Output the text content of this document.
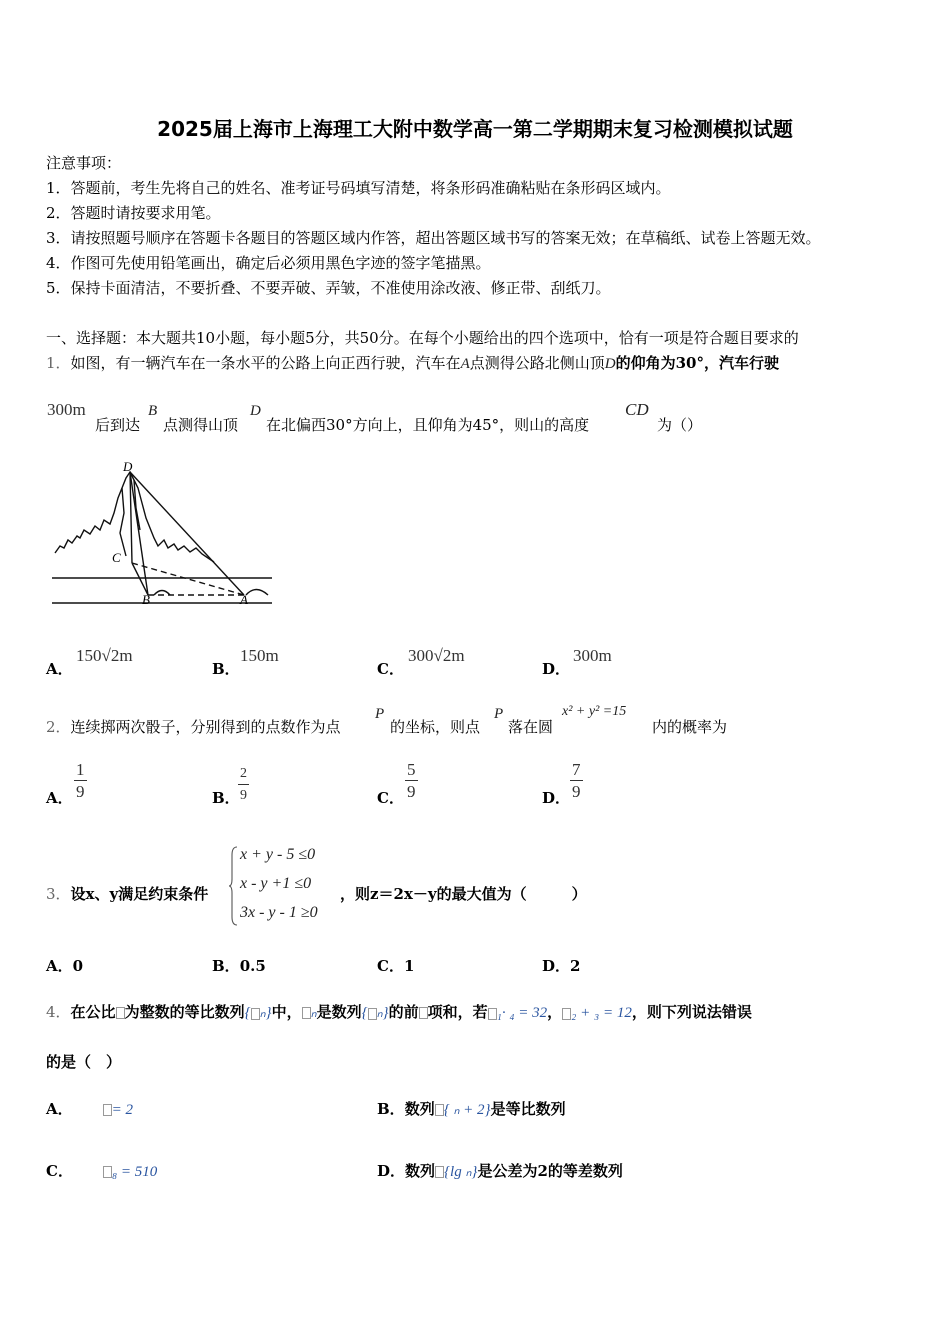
2025届上海市上海理工大附中数学高一第二学期期末复习检测模拟试题
注意事项：
1．答题前，考生先将自己的姓名、准考证号码填写清楚，将条形码准确粘贴在条形码区域内。
2．答题时请按要求用笔。
3．请按照题号顺序在答题卡各题目的答题区域内作答，超出答题区域书写的答案无效；在草稿纸、试卷上答题无效。
4．作图可先使用铅笔画出，确定后必须用黑色字迹的签字笔描黑。
5．保持卡面清洁，不要折叠、不要弄破、弄皱，不准使用涂改液、修正带、刮纸刀。
一、选择题：本大题共10小题，每小题5分，共50分。在每个小题给出的四个选项中，恰有一项是符合题目要求的
1．如图，有一辆汽车在一条水平的公路上向正西行驶，汽车在A点测得公路北侧山顶D的仰角为30°，汽车行驶
300m
后到达
B
点测得山顶
D
在北偏西30°方向上，且仰角为45°，则山的高度
CD
为（）
D
C
B	A
A．
150√2m
B．
150m
C．
300√2m
D．
300m
2．连续掷两次骰子，分别得到的点数作为点
P
的坐标，则点
P
落在圆
x² + y² =15
内的概率为
A． $\frac{1}{9}$	B．
$\frac{2}{9}$	C． $\frac{5}{9}$	D． $\frac{7}{9}$
3．设x、y满足约束条件
x + y - 5 ≤0
x - y +1 ≤0
3x - y - 1 ≥0
，则z＝2x－y的最大值为（　　　）
A．0	B．0.5	C．1	D．2
4．在公比 为整数的等比数列{ ₙ}中， ₙ是数列{ ₙ}的前 项和，若 ₁· ₄ = 32， ₂ + ₃ = 12，则下列说法错误
的是（　）
A．	= 2	B．数列 { ₙ + 2}是等比数列
C．	₈ = 510	D．数列 {lg ₙ}是公差为2的等差数列
